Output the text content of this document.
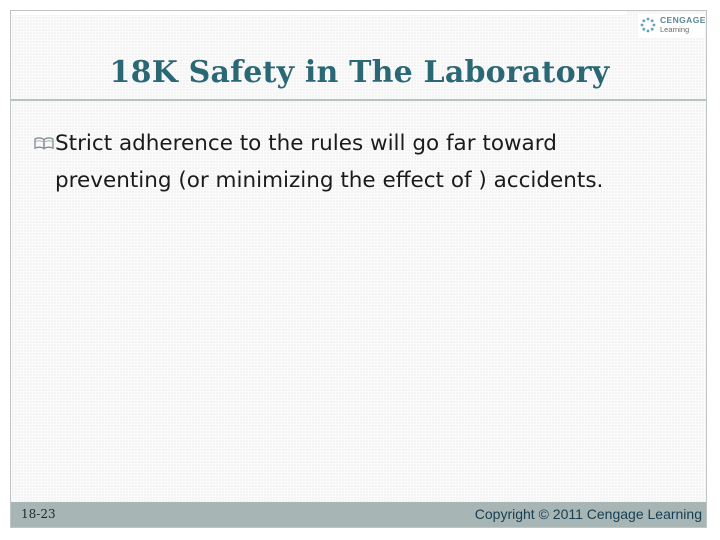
CENGAGE
Learning
18K Safety in The Laboratory
Strict adherence to the rules will go far toward preventing (or minimizing the effect of ) accidents.
18-23	Copyright © 2011 Cengage Learning
